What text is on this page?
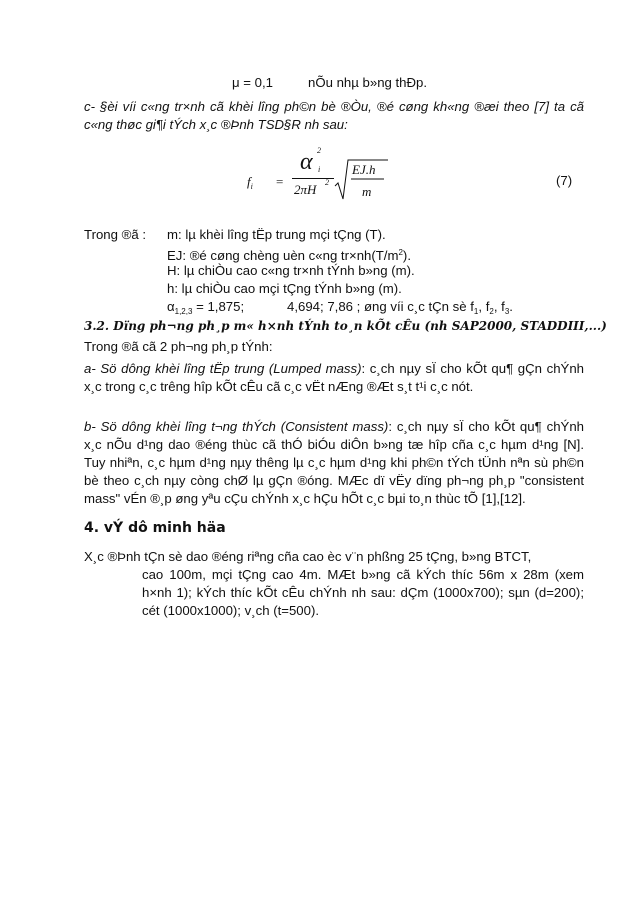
μ = 0,1	nÕu nhµ b»ng thÐp.
c- §èi víi c«ng tr×nh cã khèi lîng ph©n bè ®Òu, ®é cøng kh«ng ®æi theo [7] ta cã c«ng thøc gi¶i tÝch x¸c ®Þnh TSD§R nh sau:
$f_i$ =
α 2
i
2πH 2
EJ.h
m
(7)
Trong ®ã : m: lµ khèi lîng tËp trung mçi tÇng (T).
EJ: ®é cøng chèng uèn c«ng $tr\times nh(T/m^2)$.
H: lµ chiÒu cao c«ng tr×nh tÝnh b»ng (m).
h: lµ chiÒu cao mçi tÇng tÝnh b»ng (m).
$\alpha_{1,2,3} = 1,875$;	4,694; 7,86 ; øng víi c¸c tÇn sè $f_1$, $f_2$, $f_3$.
3.2. Dïng ph¬ng ph¸p m« h×nh tÝnh to¸n kÕt cÊu (nh SAP2000, STADDIII,...)
Trong ®ã cã 2 ph¬ng ph¸p tÝnh:
a- Sö dông khèi lîng tËp trung (Lumped mass): c¸ch nµy sÏ cho kÕt qu¶ gÇn chÝnh x¸c trong c¸c trêng hîp kÕt cÊu cã c¸c vËt nÆng ®Æt s¸t t¹i c¸c nót.
b- Sö dông khèi lîng t¬ng thÝch (Consistent mass): c¸ch nµy sÏ cho kÕt qu¶ chÝnh x¸c nÕu d¹ng dao ®éng thùc cã thÓ biÓu diÔn b»ng tæ hîp cña c¸c hµm d¹ng [N]. Tuy nhiªn, c¸c hµm d¹ng nµy thêng lµ c¸c hµm d¹ng khi ph©n tÝch tÜnh nªn sù ph©n bè theo c¸ch nµy còng chØ lµ gÇn ®óng. MÆc dï vËy dïng ph¬ng ph¸p "consistent mass" vÉn ®¸p øng yªu cÇu chÝnh x¸c hÇu hÕt c¸c bµi to¸n thùc tÕ [1],[12].
4. vÝ dô minh häa
X¸c ®Þnh tÇn sè dao ®éng riªng cña cao èc v¨n phßng 25 tÇng, b»ng BTCT,
cao 100m, mçi tÇng cao 4m. MÆt b»ng cã kÝch thíc 56m x 28m (xem h×nh 1); kÝch thíc kÕt cÊu chÝnh nh sau: dÇm (1000x700); sµn (d=200); cét (1000x1000); v¸ch (t=500).
